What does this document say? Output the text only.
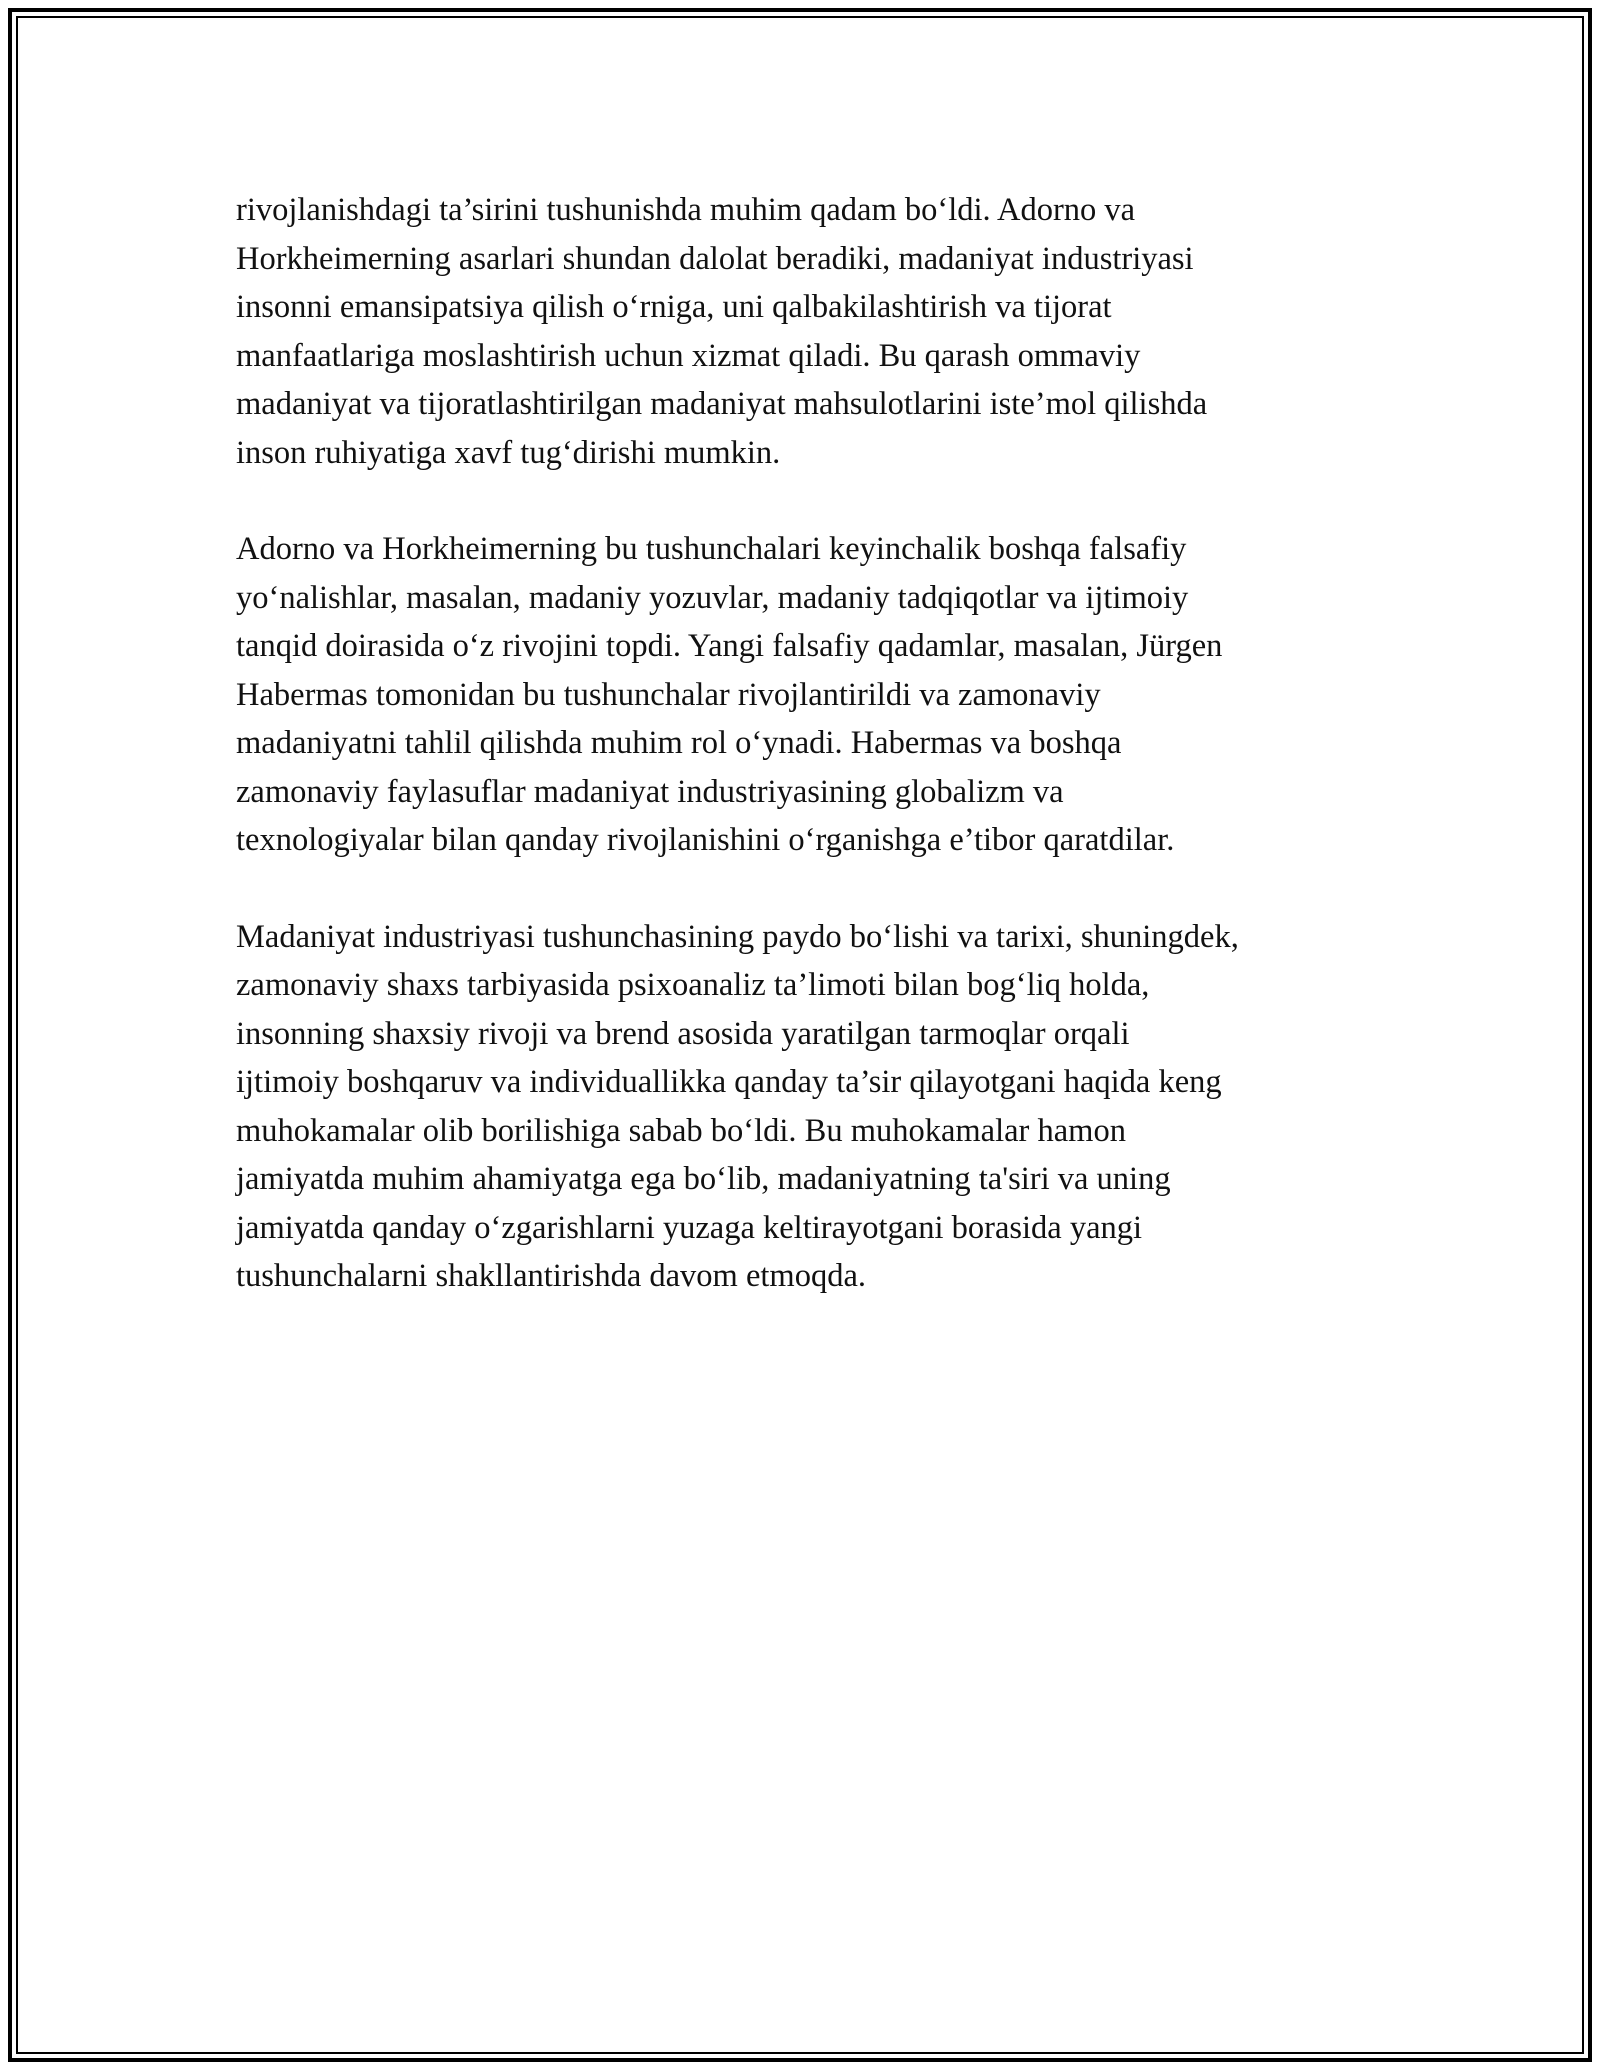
rivojlanishdagi ta’sirini tushunishda muhim qadam bo‘ldi. Adorno va
Horkheimerning asarlari shundan dalolat beradiki, madaniyat industriyasi
insonni emansipatsiya qilish o‘rniga, uni qalbakilashtirish va tijorat
manfaatlariga moslashtirish uchun xizmat qiladi. Bu qarash ommaviy
madaniyat va tijoratlashtirilgan madaniyat mahsulotlarini iste’mol qilishda
inson ruhiyatiga xavf tug‘dirishi mumkin.

Adorno va Horkheimerning bu tushunchalari keyinchalik boshqa falsafiy
yo‘nalishlar, masalan, madaniy yozuvlar, madaniy tadqiqotlar va ijtimoiy
tanqid doirasida o‘z rivojini topdi. Yangi falsafiy qadamlar, masalan, Jürgen
Habermas tomonidan bu tushunchalar rivojlantirildi va zamonaviy
madaniyatni tahlil qilishda muhim rol o‘ynadi. Habermas va boshqa
zamonaviy faylasuflar madaniyat industriyasining globalizm va
texnologiyalar bilan qanday rivojlanishini o‘rganishga e’tibor qaratdilar.

Madaniyat industriyasi tushunchasining paydo bo‘lishi va tarixi, shuningdek,
zamonaviy shaxs tarbiyasida psixoanaliz ta’limoti bilan bog‘liq holda,
insonning shaxsiy rivoji va brend asosida yaratilgan tarmoqlar orqali
ijtimoiy boshqaruv va individuallikka qanday ta’sir qilayotgani haqida keng
muhokamalar olib borilishiga sabab bo‘ldi. Bu muhokamalar hamon
jamiyatda muhim ahamiyatga ega bo‘lib, madaniyatning ta'siri va uning
jamiyatda qanday o‘zgarishlarni yuzaga keltirayotgani borasida yangi
tushunchalarni shakllantirishda davom etmoqda.
